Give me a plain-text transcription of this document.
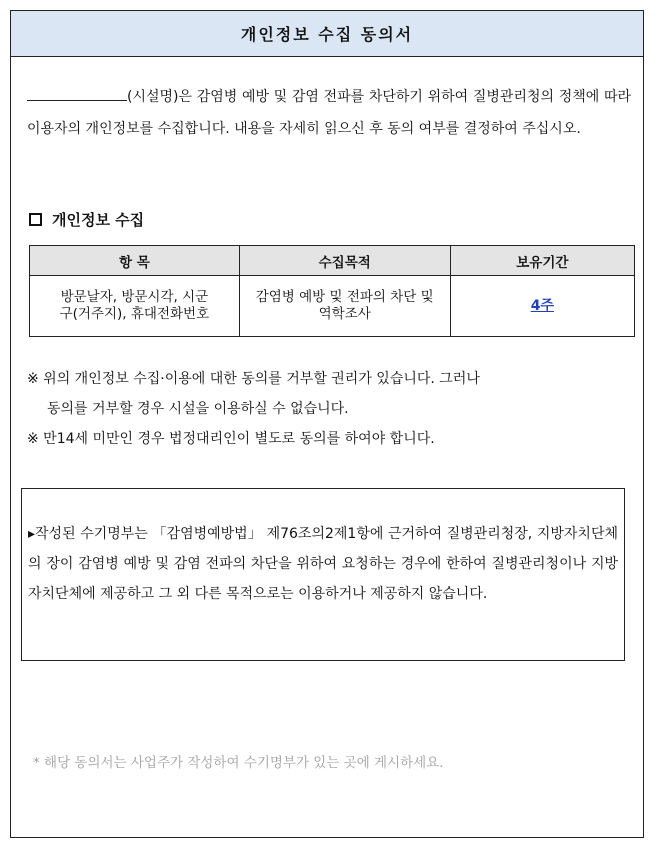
개인정보 수집 동의서
(시설명)은 감염병 예방 및 감염 전파를 차단하기 위하여 질병관리청의 정책에 따라 이용자의 개인정보를 수집합니다. 내용을 자세히 읽으신 후 동의 여부를 결정하여 주십시오.
개인정보 수집
항 목	수집목적	보유기간

방문날자, 방문시각, 시군구(거주지), 휴대전화번호	감염병 예방 및 전파의 차단 및 역학조사	4주

※ 위의 개인정보 수집·이용에 대한 동의를 거부할 권리가 있습니다. 그러나

동의를 거부할 경우 시설을 이용하실 수 없습니다.

※ 만14세 미만인 경우 법정대리인이 별도로 동의를 하여야 합니다.

▸작성된 수기명부는 「감염병예방법」 제76조의2제1항에 근거하여 질병관리청장, 지방자치단체의 장이 감염병 예방 및 감염 전파의 차단을 위하여 요청하는 경우에 한하여 질병관리청이나 지방자치단체에 제공하고 그 외 다른 목적으로는 이용하거나 제공하지 않습니다.

* 해당 동의서는 사업주가 작성하여 수기명부가 있는 곳에 게시하세요.
